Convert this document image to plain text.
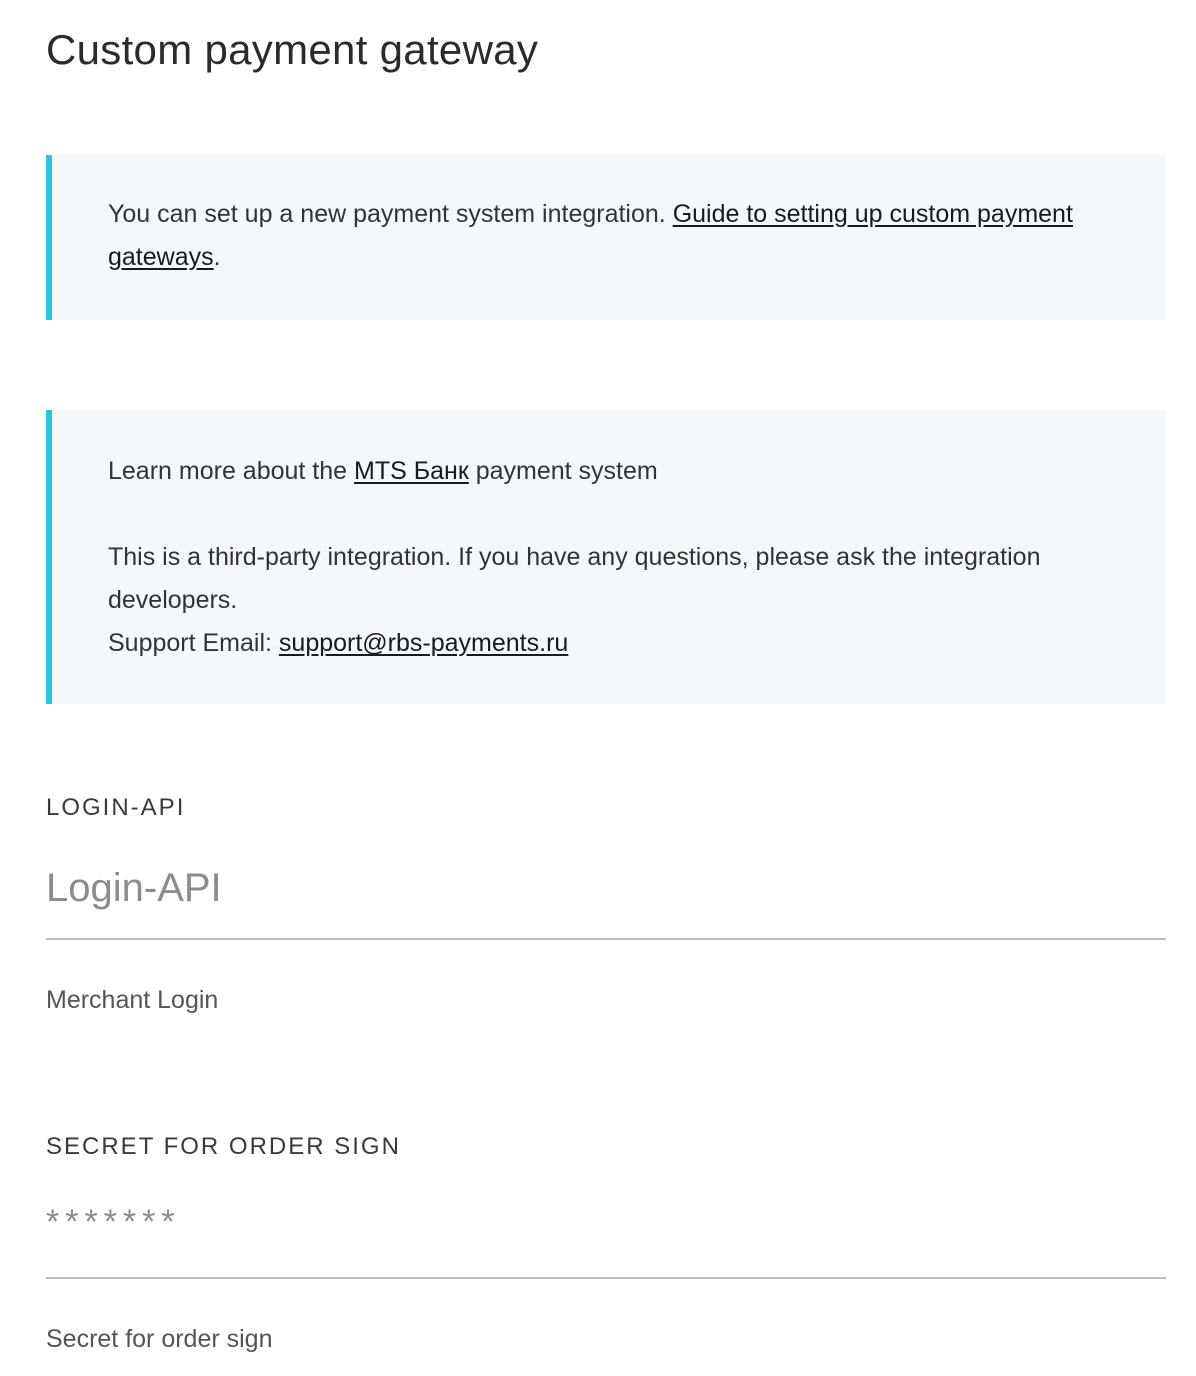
Custom payment gateway
You can set up a new payment system integration. Guide to setting up custom payment gateways.
Learn more about the MTS Банк payment system
This is a third-party integration. If you have any questions, please ask the integration developers.
Support Email: support@rbs-payments.ru

LOGIN-API

Login-API

Merchant Login

SECRET FOR ORDER SIGN

Secret for order sign
